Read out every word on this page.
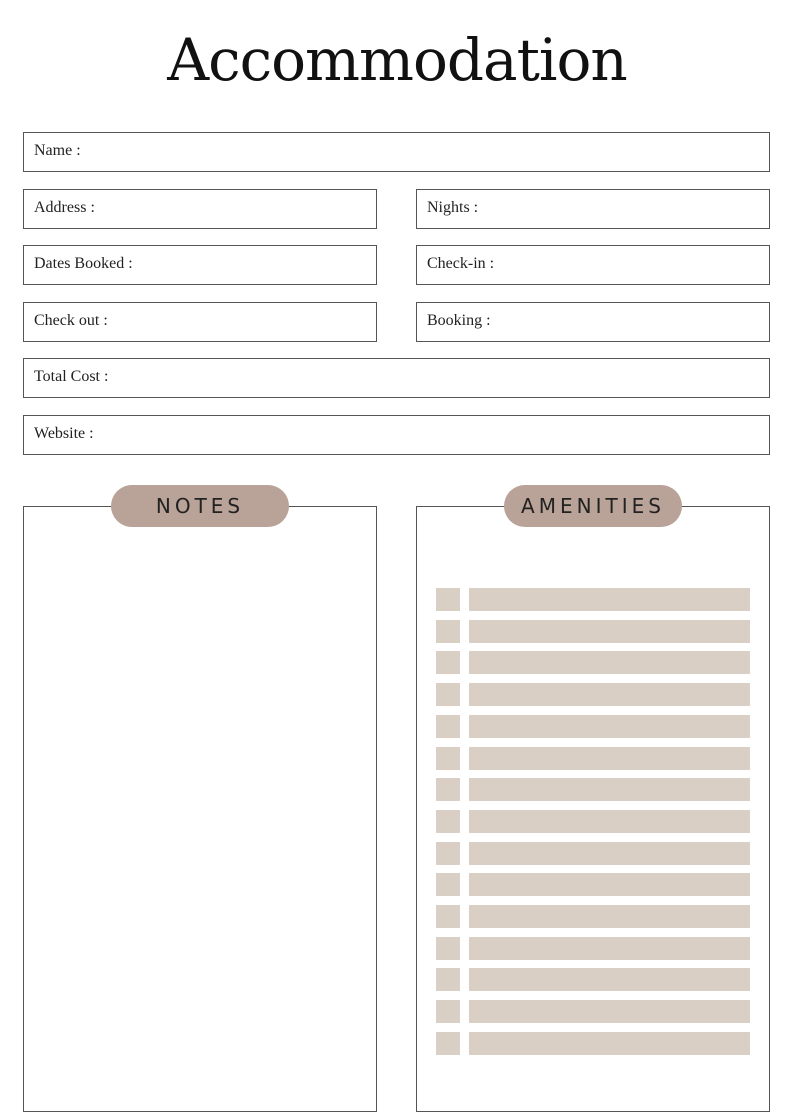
Accommodation
Name :
Address :	Nights :
Dates Booked :	Check-in :
Check out :	Booking :
Total Cost :
Website :
NOTES	AMENITIES
